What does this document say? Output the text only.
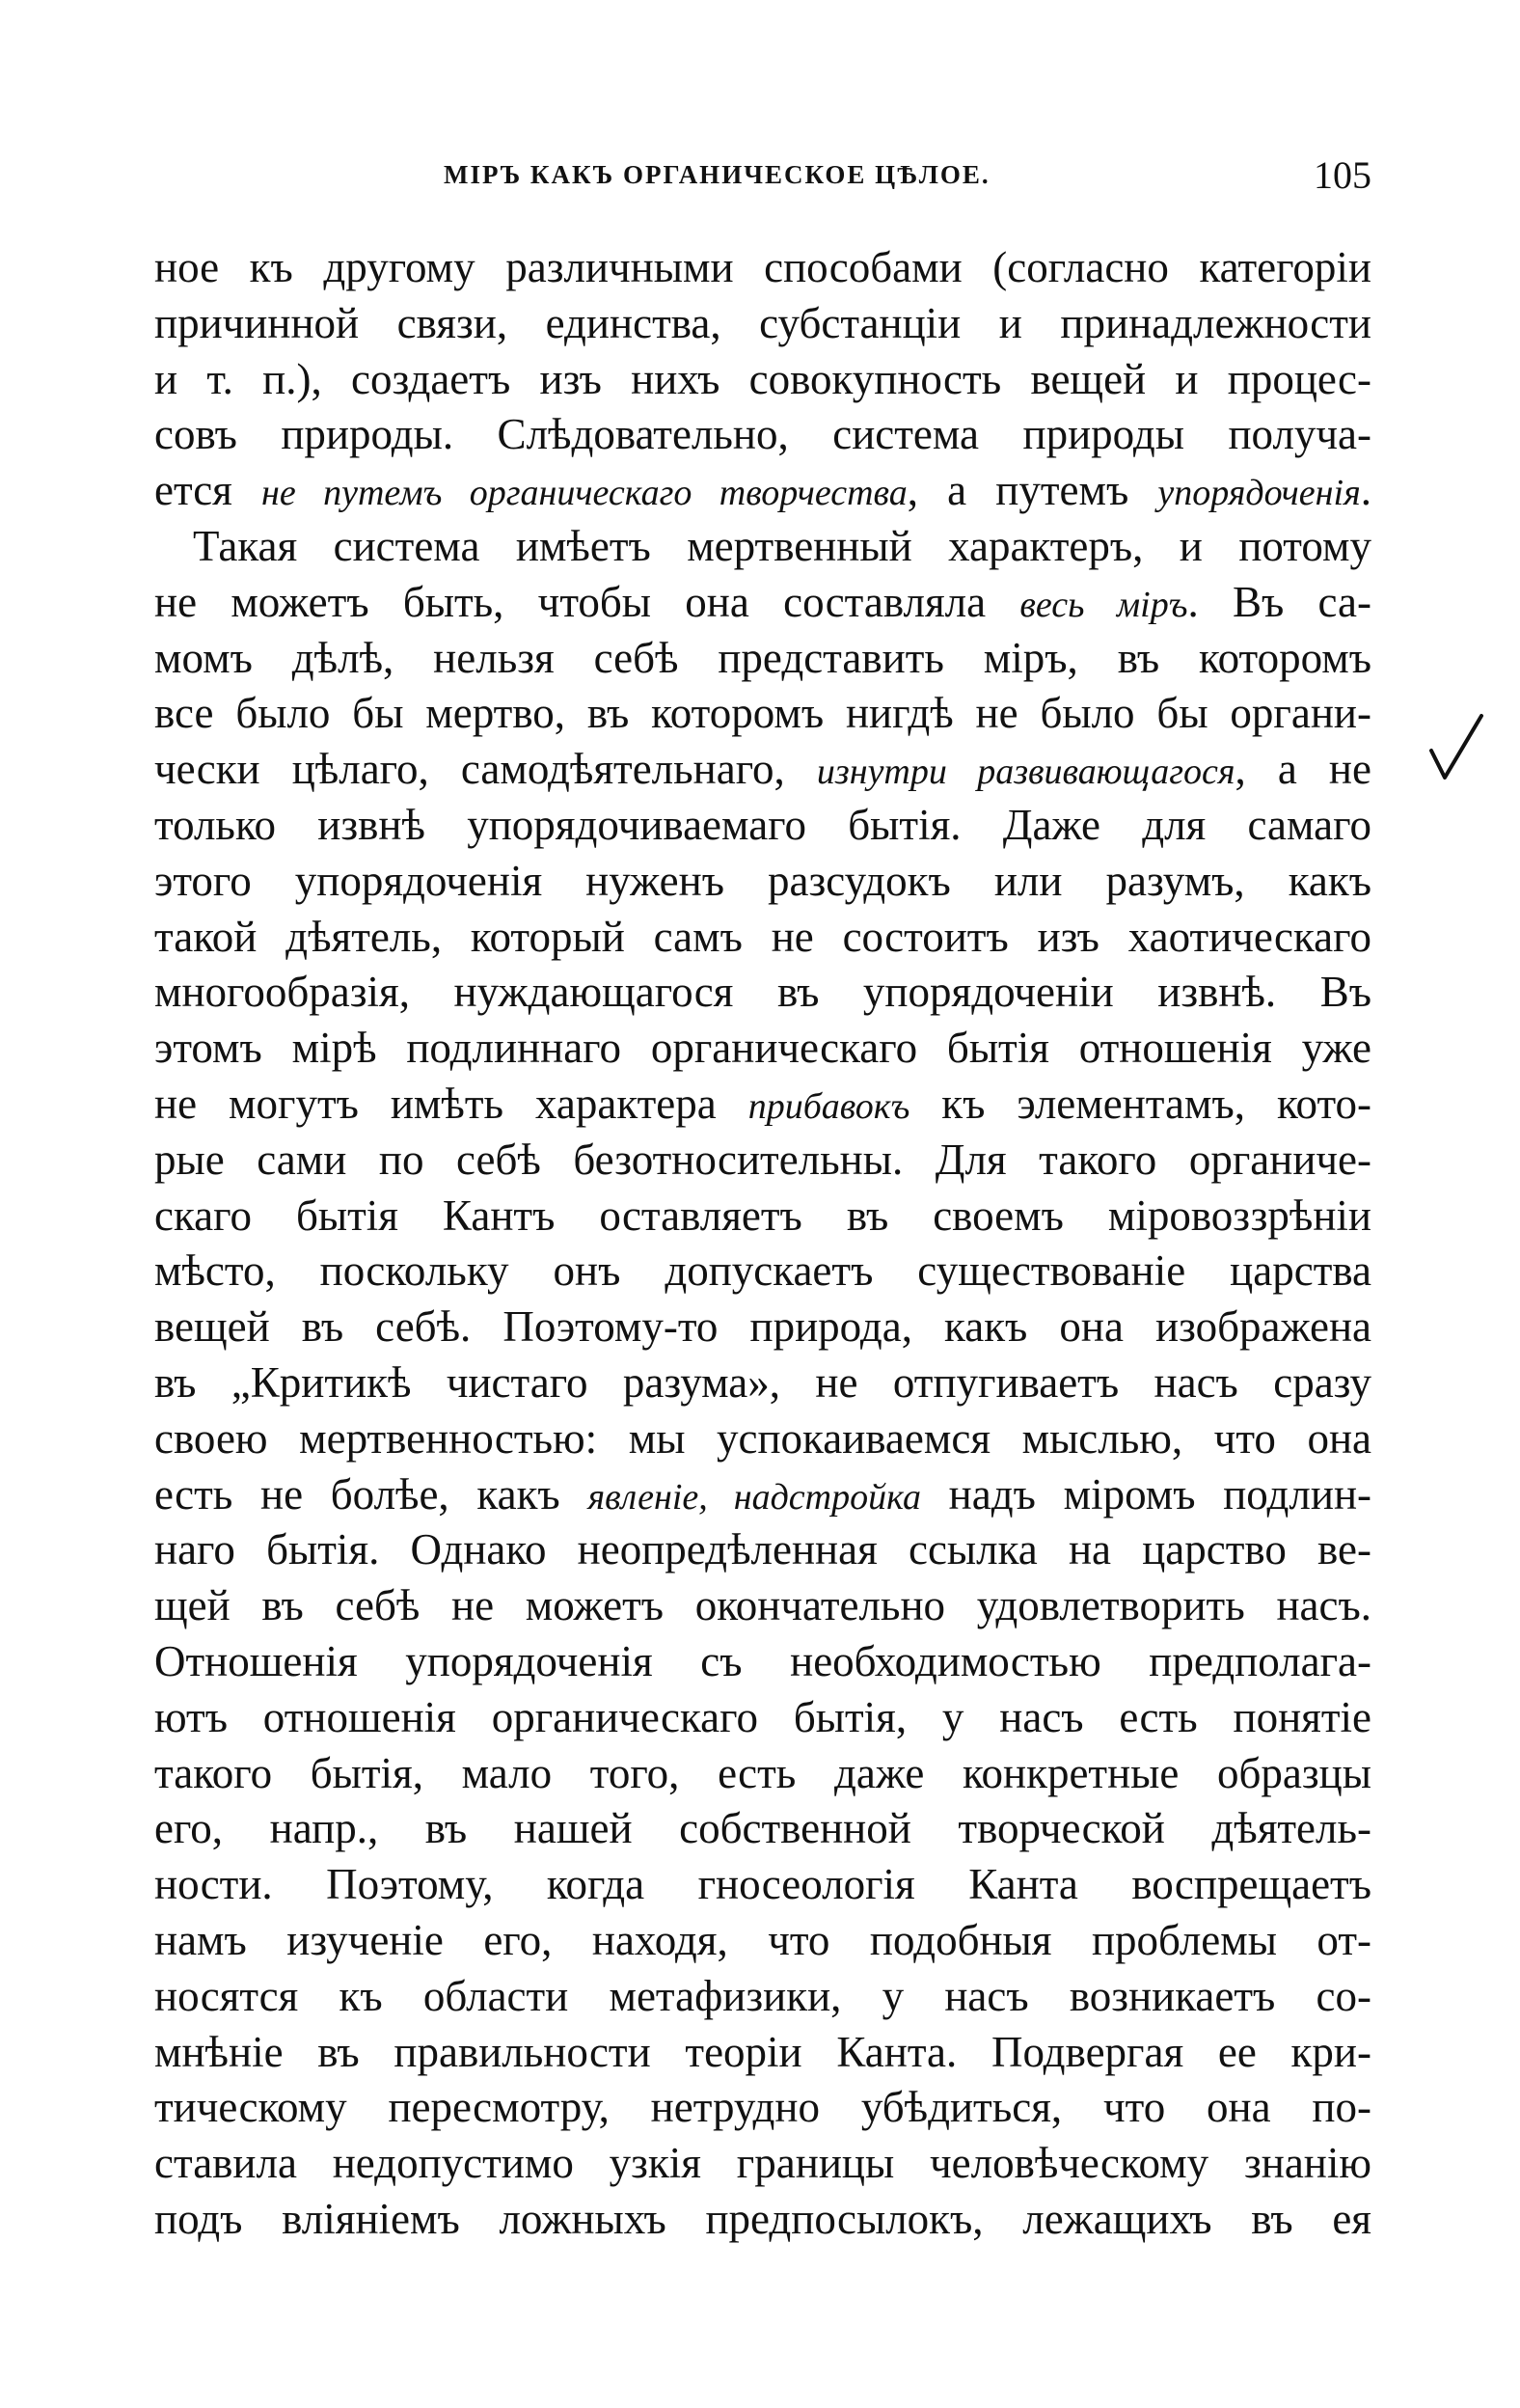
МІРЪ КАКЪ ОРГАНИЧЕСКОЕ ЦѢЛОЕ.	105
ное къ другому различными способами (согласно категоріи
причинной связи, единства, субстанціи и принадлежности
и т. п.), создаетъ изъ нихъ совокупность вещей и процес-
совъ природы. Слѣдовательно, система природы получа-
ется не путемъ органическаго творчества, а путемъ упорядоченія.
Такая система имѣетъ мертвенный характеръ, и потому
не можетъ быть, чтобы она составляла весь міръ. Въ са-
момъ дѣлѣ, нельзя себѣ представить міръ, въ которомъ
все было бы мертво, въ которомъ нигдѣ не было бы органи-
чески цѣлаго, самодѣятельнаго, изнутри развивающагося, а не
только извнѣ упорядочиваемаго бытія. Даже для самаго
этого упорядоченія нуженъ разсудокъ или разумъ, какъ
такой дѣятель, который самъ не состоитъ изъ хаотическаго
многообразія, нуждающагося въ упорядоченіи извнѣ. Въ
этомъ мірѣ подлиннаго органическаго бытія отношенія уже
не могутъ имѣть характера прибавокъ къ элементамъ, кото-
рые сами по себѣ безотносительны. Для такого органиче-
скаго бытія Кантъ оставляетъ въ своемъ міровоззрѣніи
мѣсто, поскольку онъ допускаетъ существованіе царства
вещей въ себѣ. Поэтому-то природа, какъ она изображена
въ „Критикѣ чистаго разума», не отпугиваетъ насъ сразу
своею мертвенностью: мы успокаиваемся мыслью, что она
есть не болѣе, какъ явленіе, надстройка надъ міромъ подлин-
наго бытія. Однако неопредѣленная ссылка на царство ве-
щей въ себѣ не можетъ окончательно удовлетворить насъ.
Отношенія упорядоченія съ необходимостью предполага-
ютъ отношенія органическаго бытія, у насъ есть понятіе
такого бытія, мало того, есть даже конкретные образцы
его, напр., въ нашей собственной творческой дѣятель-
ности. Поэтому, когда гносеологія Канта воспрещаетъ
намъ изученіе его, находя, что подобныя проблемы от-
носятся къ области метафизики, у насъ возникаетъ со-
мнѣніе въ правильности теоріи Канта. Подвергая ее кри-
тическому пересмотру, нетрудно убѣдиться, что она по-
ставила недопустимо узкія границы человѣческому знанію
подъ вліяніемъ ложныхъ предпосылокъ, лежащихъ въ ея
